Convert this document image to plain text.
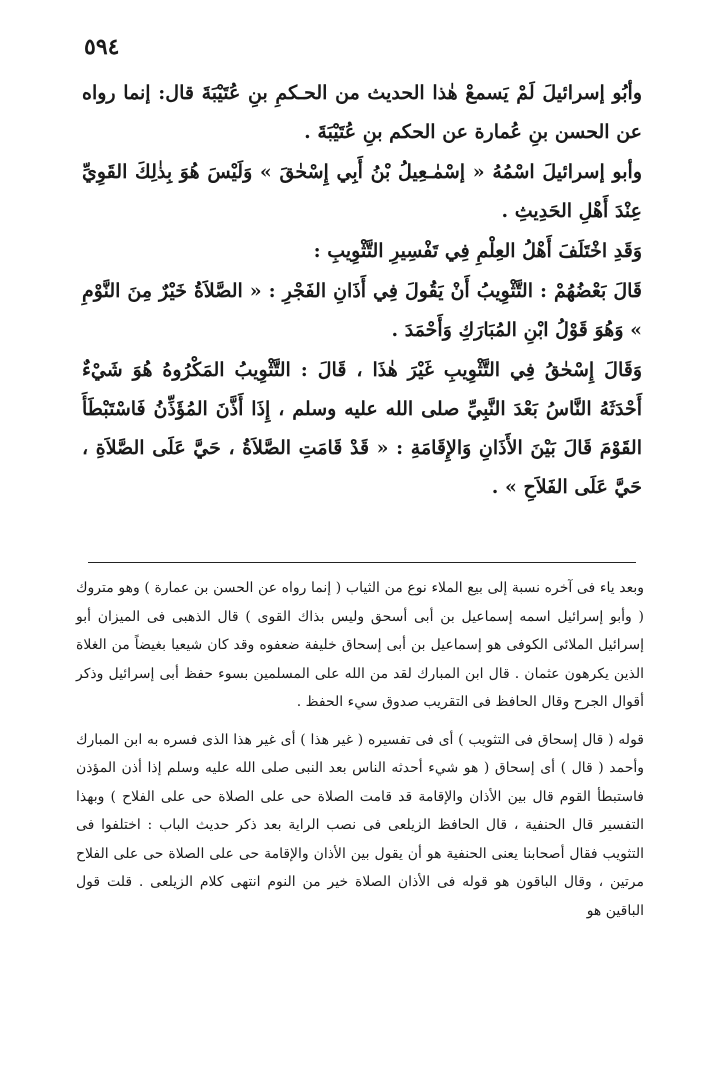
٥٩٤

وأبُو إسرائيلَ لَمْ يَسمعْ هٰذا الحديث من الحـكمِ بنِ عُتَيْبَةَ قال: إنما رواه عن الحسن بنِ عُمارة عن الحكم بنِ عُتَيْبَةَ .

وأبو إسرائيلَ اسْمُهُ « إسْمٰـعِيلُ بْنُ أَبِي إِسْحٰقَ » وَلَيْسَ هُوَ بِذٰلِكَ القَوِيِّ عِنْدَ أَهْلِ الحَدِيثِ .

وَقَدِ اخْتَلَفَ أَهْلُ العِلْمِ فِي تَفْسِيرِ التَّثْوِيبِ :

قَالَ بَعْضُهُمْ : التَّثْوِيبُ أَنْ يَقُولَ فِي أَذَانِ الفَجْرِ : « الصَّلاَةُ خَيْرٌ مِنَ النَّوْمِ » وَهُوَ قَوْلُ ابْنِ المُبَارَكِ وَأَحْمَدَ .

وَقَالَ إِسْحٰقُ فِي التَّثْوِيبِ غَيْرَ هٰذَا ، قَالَ : التَّثْوِيبُ المَكْرُوهُ هُوَ شَيْءٌ أَحْدَثَهُ النَّاسُ بَعْدَ النَّبِيِّ صلى الله عليه وسلم ، إِذَا أَذَّنَ المُؤَذِّنُ فَاسْتَبْطَأَ القَوْمَ قَالَ بَيْنَ الأَذَانِ وَالإِقَامَةِ : « قَدْ قَامَتِ الصَّلاَةُ ، حَيَّ عَلَى الصَّلاَةِ ، حَيَّ عَلَى الفَلاَحِ » .

وبعد ياء فى آخره نسبة إلى بيع الملاء نوع من الثياب ( إنما رواه عن الحسن بن عمارة ) وهو متروك ( وأبو إسرائيل اسمه إسماعيل بن أبى أسحق وليس بذاك القوى ) قال الذهبى فى الميزان أبو إسرائيل الملائى الكوفى هو إسماعيل بن أبى إسحاق خليفة ضعفوه وقد كان شيعيا بغيضاً من الغلاة الذين يكرهون عثمان . قال ابن المبارك لقد من الله على المسلمين بسوء حفظ أبى إسرائيل وذكر أقوال الجرح وقال الحافظ فى التقريب صدوق سيء الحفظ .

قوله ( قال إسحاق فى التثويب ) أى فى تفسيره ( غير هذا ) أى غير هذا الذى فسره به ابن المبارك وأحمد ( قال ) أى إسحاق ( هو شيء أحدثه الناس بعد النبى صلى الله عليه وسلم إذا أذن المؤذن فاستبطأ القوم قال بين الأذان والإقامة قد قامت الصلاة حى على الصلاة حى على الفلاح ) وبهذا التفسير قال الحنفية ، قال الحافظ الزيلعى فى نصب الراية بعد ذكر حديث الباب : اختلفوا فى التثويب فقال أصحابنا يعنى الحنفية هو أن يقول بين الأذان والإقامة حى على الصلاة حى على الفلاح مرتين ، وقال الباقون هو قوله فى الأذان الصلاة خير من النوم انتهى كلام الزيلعى . قلت قول الباقين هو
